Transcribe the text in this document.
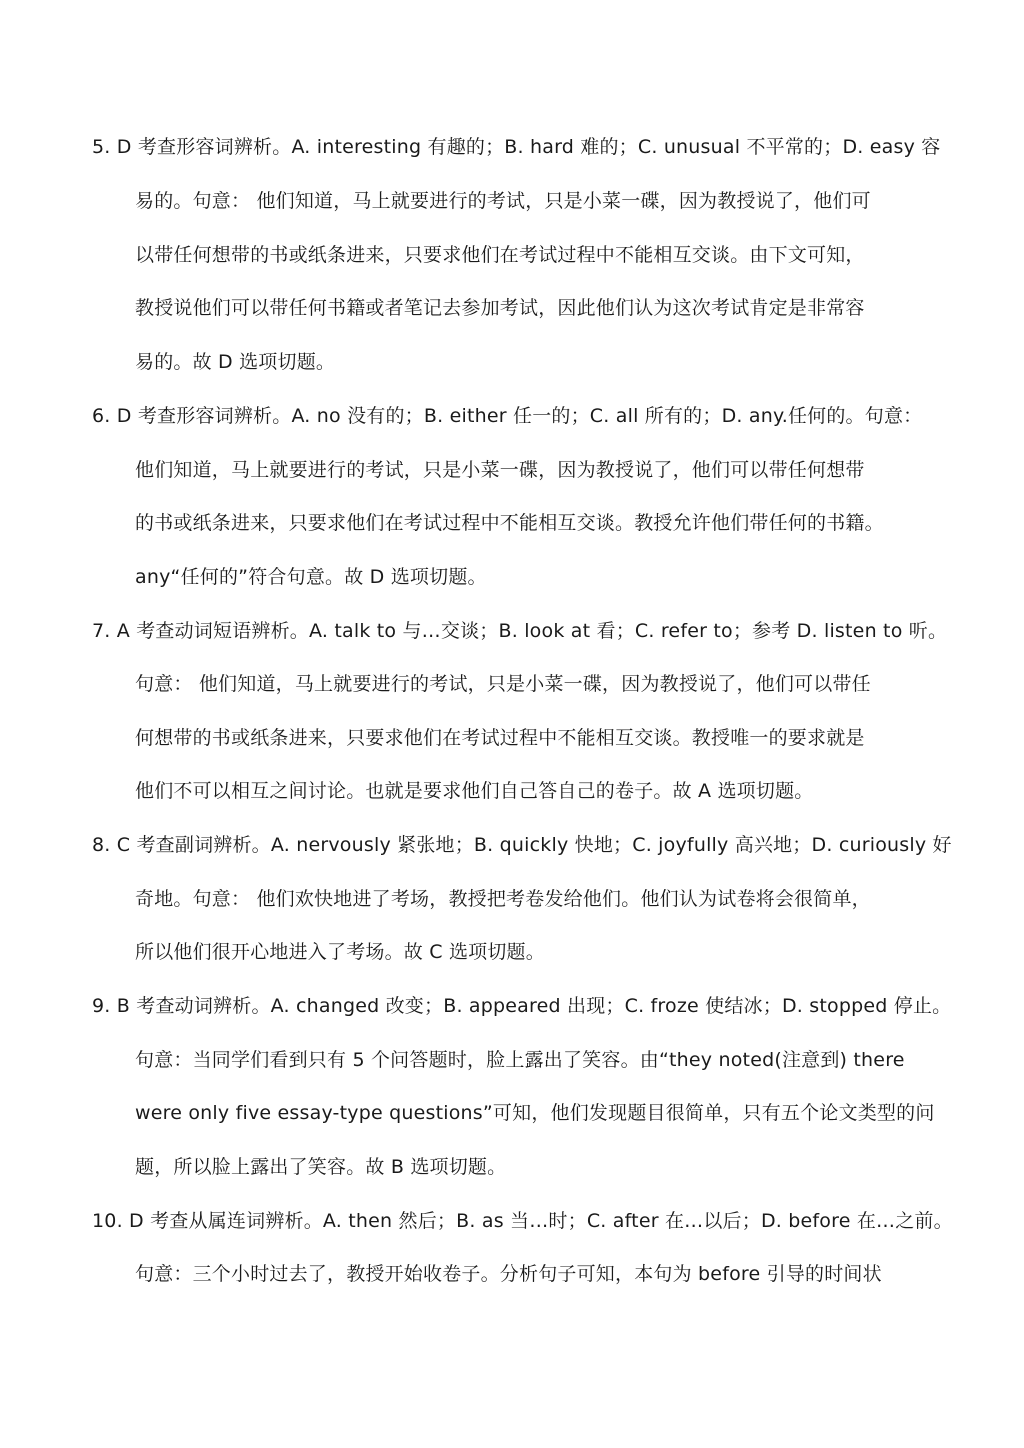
5. D 考查形容词辨析。A. interesting 有趣的；B. hard 难的；C. unusual 不平常的；D. easy 容
易的。句意： 他们知道，马上就要进行的考试，只是小菜一碟，因为教授说了，他们可
以带任何想带的书或纸条进来，只要求他们在考试过程中不能相互交谈。由下文可知，
教授说他们可以带任何书籍或者笔记去参加考试，因此他们认为这次考试肯定是非常容
易的。故 D 选项切题。
6. D 考查形容词辨析。A. no 没有的；B. either 任一的；C. all 所有的；D. any.任何的。句意：
他们知道，马上就要进行的考试，只是小菜一碟，因为教授说了，他们可以带任何想带
的书或纸条进来，只要求他们在考试过程中不能相互交谈。教授允许他们带任何的书籍。
any“任何的”符合句意。故 D 选项切题。
7. A 考查动词短语辨析。A. talk to 与…交谈；B. look at 看；C. refer to；参考 D. listen to 听。
句意： 他们知道，马上就要进行的考试，只是小菜一碟，因为教授说了，他们可以带任
何想带的书或纸条进来，只要求他们在考试过程中不能相互交谈。教授唯一的要求就是
他们不可以相互之间讨论。也就是要求他们自己答自己的卷子。故 A 选项切题。
8. C 考查副词辨析。A. nervously 紧张地；B. quickly 快地；C. joyfully 高兴地；D. curiously 好
奇地。句意： 他们欢快地进了考场，教授把考卷发给他们。他们认为试卷将会很简单，
所以他们很开心地进入了考场。故 C 选项切题。
9. B 考查动词辨析。A. changed 改变；B. appeared 出现；C. froze 使结冰；D. stopped 停止。
句意：当同学们看到只有 5 个问答题时，脸上露出了笑容。由“they noted(注意到) there
were only five essay-type questions”可知，他们发现题目很简单，只有五个论文类型的问
题，所以脸上露出了笑容。故 B 选项切题。
10. D 考查从属连词辨析。A. then 然后；B. as 当…时；C. after 在…以后；D. before 在…之前。
句意：三个小时过去了，教授开始收卷子。分析句子可知，本句为 before 引导的时间状
